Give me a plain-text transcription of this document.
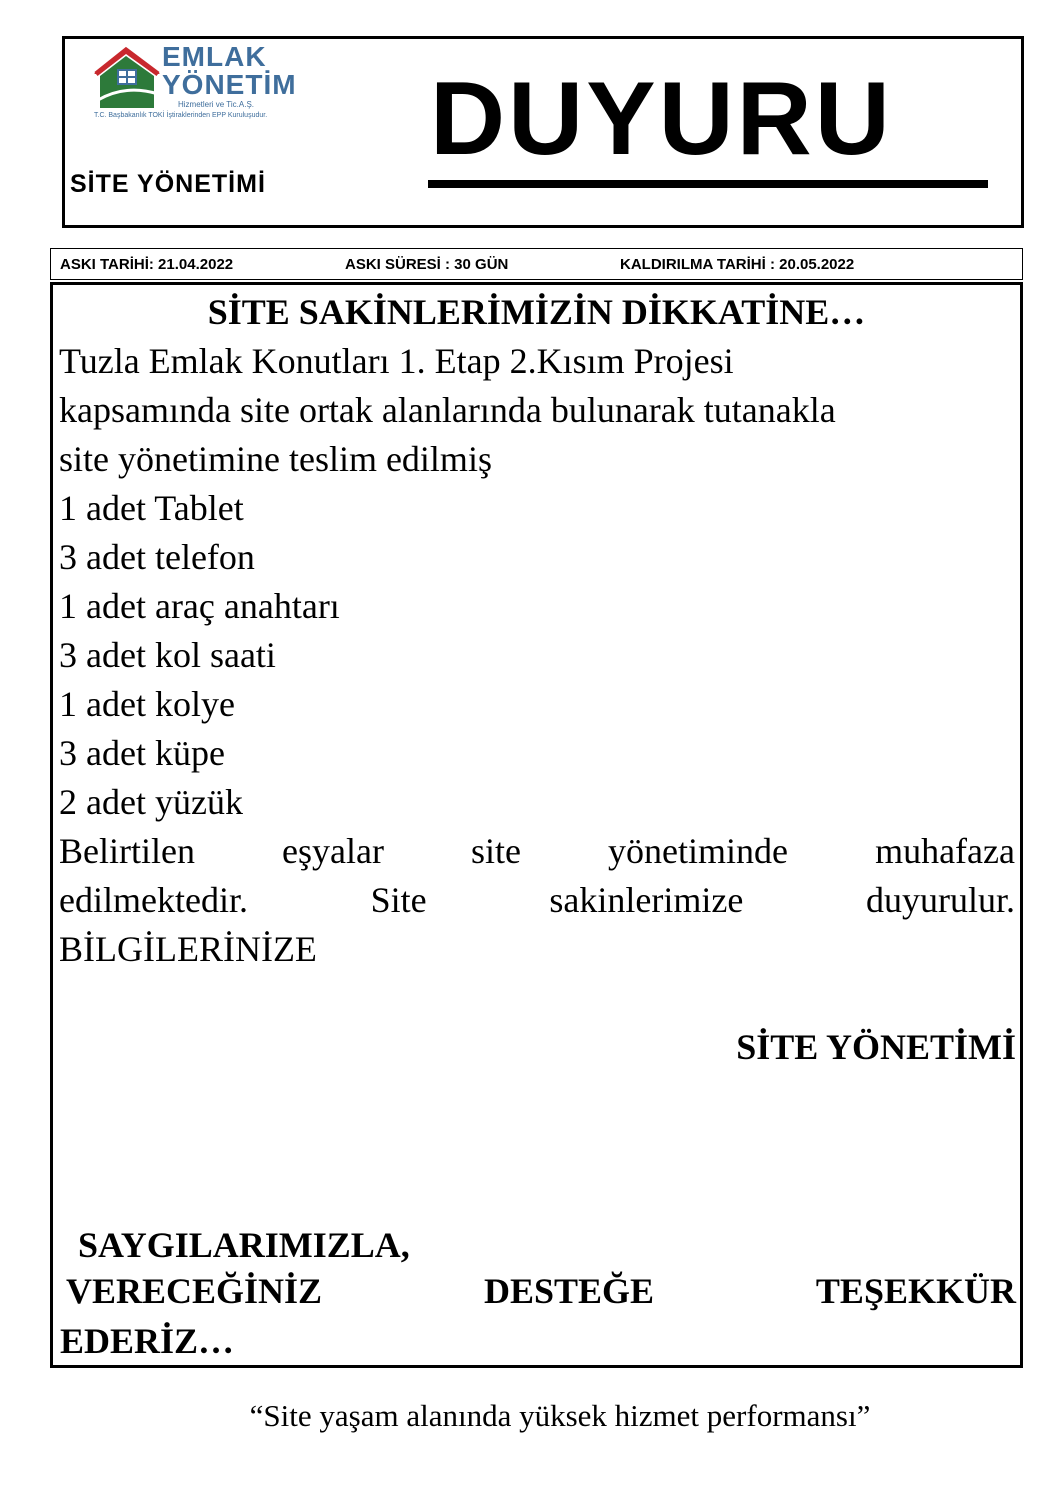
EMLAK
YÖNETİM
Hizmetleri ve Tic.A.Ş.
T.C. Başbakanlık TOKİ İştiraklerinden EPP Kuruluşudur.
SİTE YÖNETİMİ
DUYURU
ASKI TARİHİ: 21.04.2022	ASKI SÜRESİ : 30 GÜN	KALDIRILMA TARİHİ : 20.05.2022
SİTE SAKİNLERİMİZİN DİKKATİNE…
Tuzla Emlak Konutları 1. Etap 2.Kısım Projesi
kapsamında site ortak alanlarında bulunarak tutanakla
site yönetimine teslim edilmiş
1 adet Tablet
3 adet telefon
1 adet araç anahtarı
3 adet kol saati
1 adet kolye
3 adet küpe
2 adet yüzük
Belirtilen eşyalar site yönetiminde muhafaza
edilmektedir.	Site	sakinlerimize	duyurulur.
BİLGİLERİNİZE
SİTE YÖNETİMİ
SAYGILARIMIZLA,
VERECEĞİNİZ	DESTEĞE	TEŞEKKÜR
EDERİZ…
“Site yaşam alanında yüksek hizmet performansı”
